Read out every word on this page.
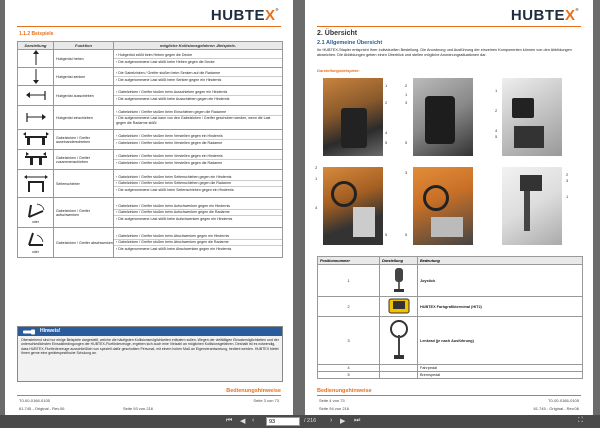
HUBTEX®
1.1.2 Beispiele
Darstellung	Funktion	mögliche Kollisionsgefahren -Beispiele-
	Hubgerüst heben	› Hubgerüst stößt beim Heben gegen die Decke
› Die aufgenommene Last stößt beim Heben gegen die Decke

	Hubgerüst senken	› Die Gabelzinken / Greifer stoßen beim Senken auf die Radarme
› Die aufgenommene Last stößt beim Senken gegen ein Hindernis

	Hubgerüst ausschieben	› Gabelzinken / Greifer stoßen beim Ausschieben gegen ein Hindernis
› Die aufgenommene Last stößt beim Ausschieben gegen ein Hindernis

	Hubgerüst einschieben	› Gabelzinken / Greifer stoßen beim Einschieben gegen die Radarme
› Die aufgenommene Last kann von den Gabelzinken / Greifer geschoben werden, wenn die Last gegen die Radarme stößt

	Gabelzinken / Greifer auseinanderschieben	› Gabelzinken / Greifer stoßen beim Verstellen gegen ein Hindernis
› Gabelzinken / Greifer stoßen beim Verstellen gegen die Radarme

	Gabelzinken / Greifer zusammenschieben	› Gabelzinken / Greifer stoßen beim Verstellen gegen ein Hindernis
› Gabelzinken / Greifer stoßen beim Verstellen gegen die Radarme

	Seitenschieber	› Gabelzinken / Greifer stoßen beim Seitenschieben gegen ein Hindernis
› Gabelzinken / Greifer stoßen beim Seitenschieben gegen die Radarme
› Die aufgenommene Last stößt beim Seitenschieben gegen ein Hindernis

oder	Gabelzinken / Greifer aufschwenken	› Gabelzinken / Greifer stoßen beim Aufschwenken gegen ein Hindernis
› Gabelzinken / Greifer stoßen beim Aufschwenken gegen die Radarme
› Die aufgenommene Last stößt beim Aufschwenken gegen ein Hindernis

oder	Gabelzinken / Greifer abschwenken	› Gabelzinken / Greifer stoßen beim Abschwenken gegen ein Hindernis
› Gabelzinken / Greifer stoßen beim Abschwenken gegen die Radarme
› Die aufgenommene Last stößt beim Abschwenken gegen ein Hindernis
Hinweis!
Obenstehend sind nur einige Beispiele dargestellt, welche die häufigsten Kollisionsmöglichkeiten erläutern sollen. Wegen der vielfältigen Einsatzmöglichkeiten und der unterschiedlichsten Einsatzbedingungen der HUBTEX-Flurförderzeuge, ergeben sich auch eine Vielzahl an möglichen Kollisionsgefahren. Deshalb ist es notwendig, dass HUBTEX-Flurförderzeuge ausschließlich von speziell dafür geschultem Personal, mit einem hohen Maß an Eigenverantwortung, bedient werden. HUBTEX bietet Ihnen gerne eine gerätespezifische Schulung an.
Bedienungshinweise
T0-00-0166-0105	Seite 3 von 73
61.745 - Original - Rev.06	Seite 93 von 216
HUBTEX®
2. Übersicht
2.1 Allgemeine Übersicht
Ihr HUBTEX-Stapler entspricht Ihrer individuellen Bestellung. Die Anordnung und Ausführung der einzelnen Komponenten können von den Abbildungen abweichen. Die Abbildungen geben einen Überblick und stellen mögliche Anordnungssituationen dar.
Darstellungsbeispiele:
1
2
4
5
2
1
3
5
1
2
4
5
2
1
4
5
3
5
2
3
1
Positionnummer	Darstellung	Bedeutung
1		Joystick
2		HUBTEX Farbgrafikterminal (HIT2)
3		Lenkrad (je nach Ausführung)
4		Fahrpedal
5		Bremspedal
Bedienungshinweise
T0-00-0166-0105
Seite 4 von 73
61.745 - Original - Rev.06
Seite 94 von 216
⏮ ◀ ‹
93	/ 216 › ▶ ⏭	⛶
